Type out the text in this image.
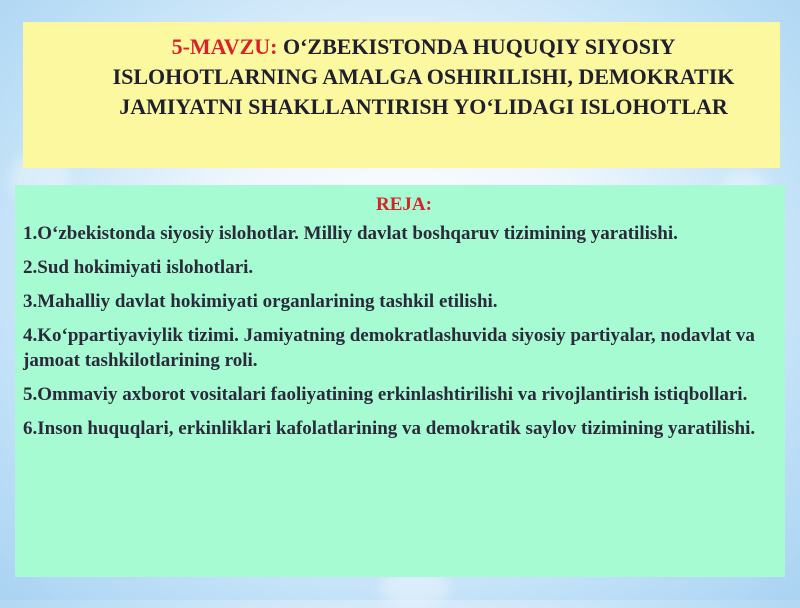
5-MAVZU: O‘ZBEKISTONDA HUQUQIY SIYOSIY ISLOHOTLARNING AMALGA OSHIRILISHI, DEMOKRATIK JAMIYATNI SHAKLLANTIRISH YO‘LIDAGI ISLOHOTLAR

REJA:
1.O‘zbekistonda siyosiy islohotlar. Milliy davlat boshqaruv tizimining yaratilishi.
2.Sud hokimiyati islohotlari.
3.Mahalliy davlat hokimiyati organlarining tashkil etilishi.
4.Ko‘ppartiyaviylik tizimi. Jamiyatning demokratlashuvida siyosiy partiyalar, nodavlat va jamoat tashkilotlarining roli.
5.Ommaviy axborot vositalari faoliyatining erkinlashtirilishi va rivojlantirish istiqbollari.
6.Inson huquqlari, erkinliklari kafolatlarining va demokratik saylov tizimining yaratilishi.
